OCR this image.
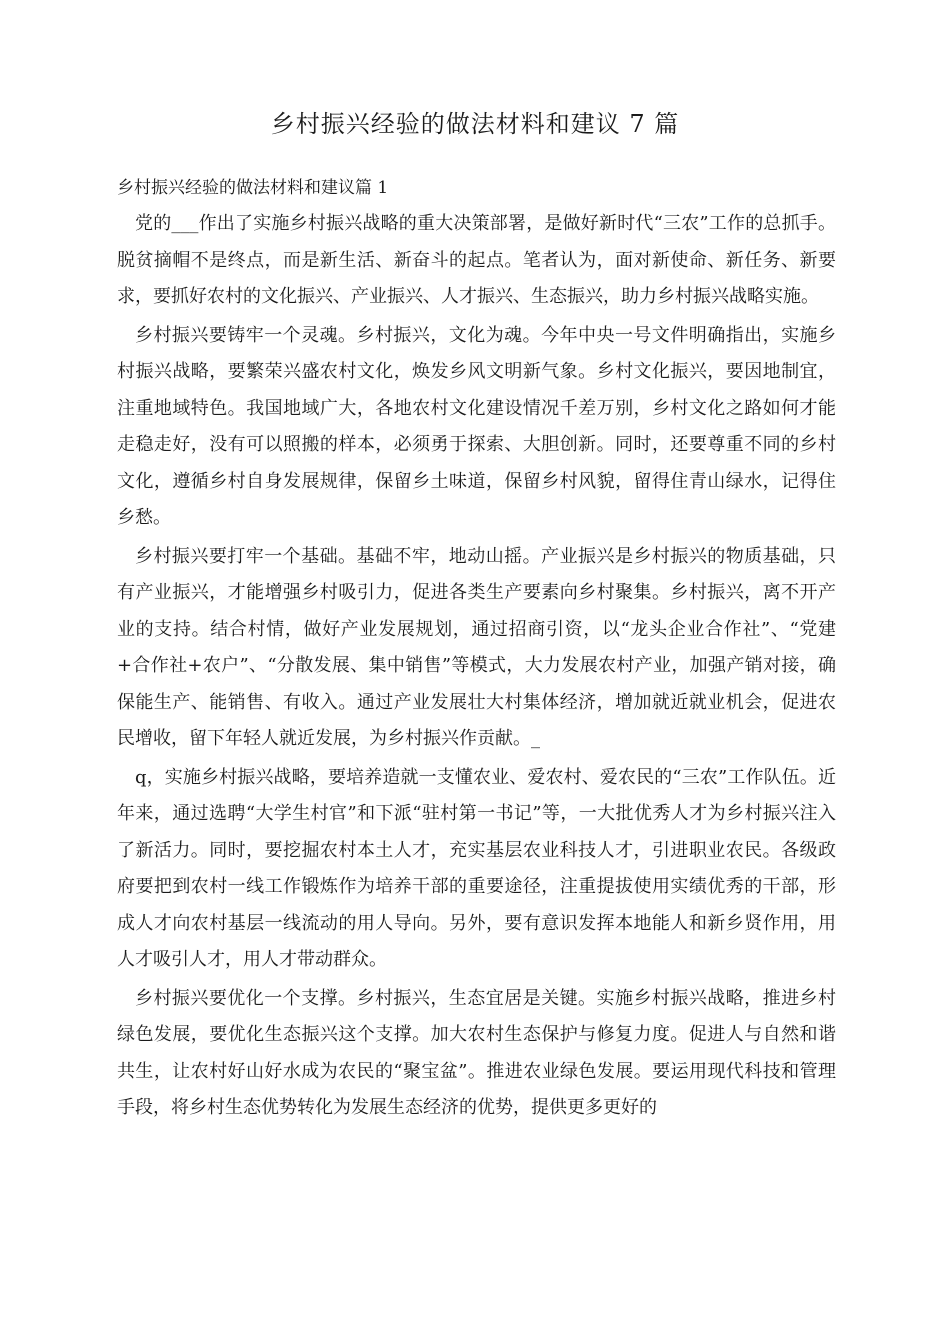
乡村振兴经验的做法材料和建议 7 篇

乡村振兴经验的做法材料和建议篇 1

党的___作出了实施乡村振兴战略的重大决策部署，是做好新时代“三农”工作的总抓手。脱贫摘帽不是终点，而是新生活、新奋斗的起点。笔者认为，面对新使命、新任务、新要求，要抓好农村的文化振兴、产业振兴、人才振兴、生态振兴，助力乡村振兴战略实施。

乡村振兴要铸牢一个灵魂。乡村振兴，文化为魂。今年中央一号文件明确指出，实施乡村振兴战略，要繁荣兴盛农村文化，焕发乡风文明新气象。乡村文化振兴，要因地制宜，注重地域特色。我国地域广大，各地农村文化建设情况千差万别，乡村文化之路如何才能走稳走好，没有可以照搬的样本，必须勇于探索、大胆创新。同时，还要尊重不同的乡村文化，遵循乡村自身发展规律，保留乡土味道，保留乡村风貌，留得住青山绿水，记得住乡愁。

乡村振兴要打牢一个基础。基础不牢，地动山摇。产业振兴是乡村振兴的物质基础，只有产业振兴，才能增强乡村吸引力，促进各类生产要素向乡村聚集。乡村振兴，离不开产业的支持。结合村情，做好产业发展规划，通过招商引资，以“龙头企业合作社”、“党建+合作社+农户”、“分散发展、集中销售”等模式，大力发展农村产业，加强产销对接，确保能生产、能销售、有收入。通过产业发展壮大村集体经济，增加就近就业机会，促进农民增收，留下年轻人就近发展，为乡村振兴作贡献。_

q，实施乡村振兴战略，要培养造就一支懂农业、爱农村、爱农民的“三农”工作队伍。近年来，通过选聘“大学生村官”和下派“驻村第一书记”等，一大批优秀人才为乡村振兴注入了新活力。同时，要挖掘农村本土人才，充实基层农业科技人才，引进职业农民。各级政府要把到农村一线工作锻炼作为培养干部的重要途径，注重提拔使用实绩优秀的干部，形成人才向农村基层一线流动的用人导向。另外，要有意识发挥本地能人和新乡贤作用，用人才吸引人才，用人才带动群众。

乡村振兴要优化一个支撑。乡村振兴，生态宜居是关键。实施乡村振兴战略，推进乡村绿色发展，要优化生态振兴这个支撑。加大农村生态保护与修复力度。促进人与自然和谐共生，让农村好山好水成为农民的“聚宝盆”。推进农业绿色发展。要运用现代科技和管理手段，将乡村生态优势转化为发展生态经济的优势，提供更多更好的
